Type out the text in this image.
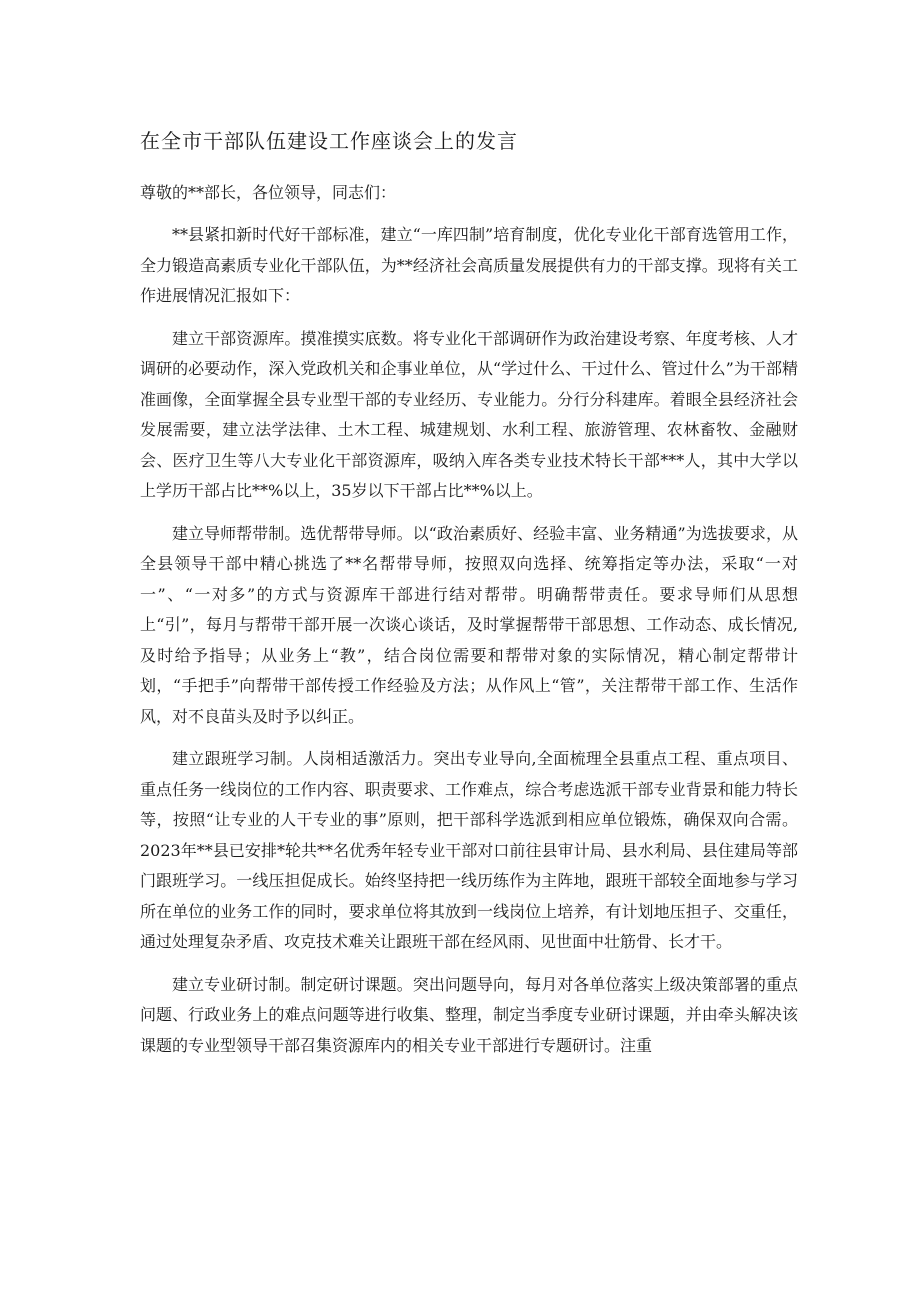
在全市干部队伍建设工作座谈会上的发言

尊敬的**部长，各位领导，同志们：

**县紧扣新时代好干部标准，建立“一库四制”培育制度，优化专业化干部育选管用工作，全力锻造高素质专业化干部队伍，为**经济社会高质量发展提供有力的干部支撑。现将有关工作进展情况汇报如下：

建立干部资源库。摸准摸实底数。将专业化干部调研作为政治建设考察、年度考核、人才调研的必要动作，深入党政机关和企事业单位，从“学过什么、干过什么、管过什么”为干部精准画像，全面掌握全县专业型干部的专业经历、专业能力。分行分科建库。着眼全县经济社会发展需要，建立法学法律、土木工程、城建规划、水利工程、旅游管理、农林畜牧、金融财会、医疗卫生等八大专业化干部资源库，吸纳入库各类专业技术特长干部***人，其中大学以上学历干部占比**%以上，35岁以下干部占比**%以上。

建立导师帮带制。选优帮带导师。以“政治素质好、经验丰富、业务精通”为选拔要求，从全县领导干部中精心挑选了**名帮带导师，按照双向选择、统筹指定等办法，采取“一对一”、“一对多”的方式与资源库干部进行结对帮带。明确帮带责任。要求导师们从思想上“引”，每月与帮带干部开展一次谈心谈话，及时掌握帮带干部思想、工作动态、成长情况,及时给予指导；从业务上“教”，结合岗位需要和帮带对象的实际情况，精心制定帮带计划，“手把手”向帮带干部传授工作经验及方法；从作风上“管”，关注帮带干部工作、生活作风，对不良苗头及时予以纠正。

建立跟班学习制。人岗相适激活力。突出专业导向,全面梳理全县重点工程、重点项目、重点任务一线岗位的工作内容、职责要求、工作难点，综合考虑选派干部专业背景和能力特长等，按照“让专业的人干专业的事”原则，把干部科学选派到相应单位锻炼，确保双向合需。2023年**县已安排*轮共**名优秀年轻专业干部对口前往县审计局、县水利局、县住建局等部门跟班学习。一线压担促成长。始终坚持把一线历练作为主阵地，跟班干部较全面地参与学习所在单位的业务工作的同时，要求单位将其放到一线岗位上培养，有计划地压担子、交重任，通过处理复杂矛盾、攻克技术难关让跟班干部在经风雨、见世面中壮筋骨、长才干。

建立专业研讨制。制定研讨课题。突出问题导向，每月对各单位落实上级决策部署的重点问题、行政业务上的难点问题等进行收集、整理，制定当季度专业研讨课题，并由牵头解决该课题的专业型领导干部召集资源库内的相关专业干部进行专题研讨。注重
